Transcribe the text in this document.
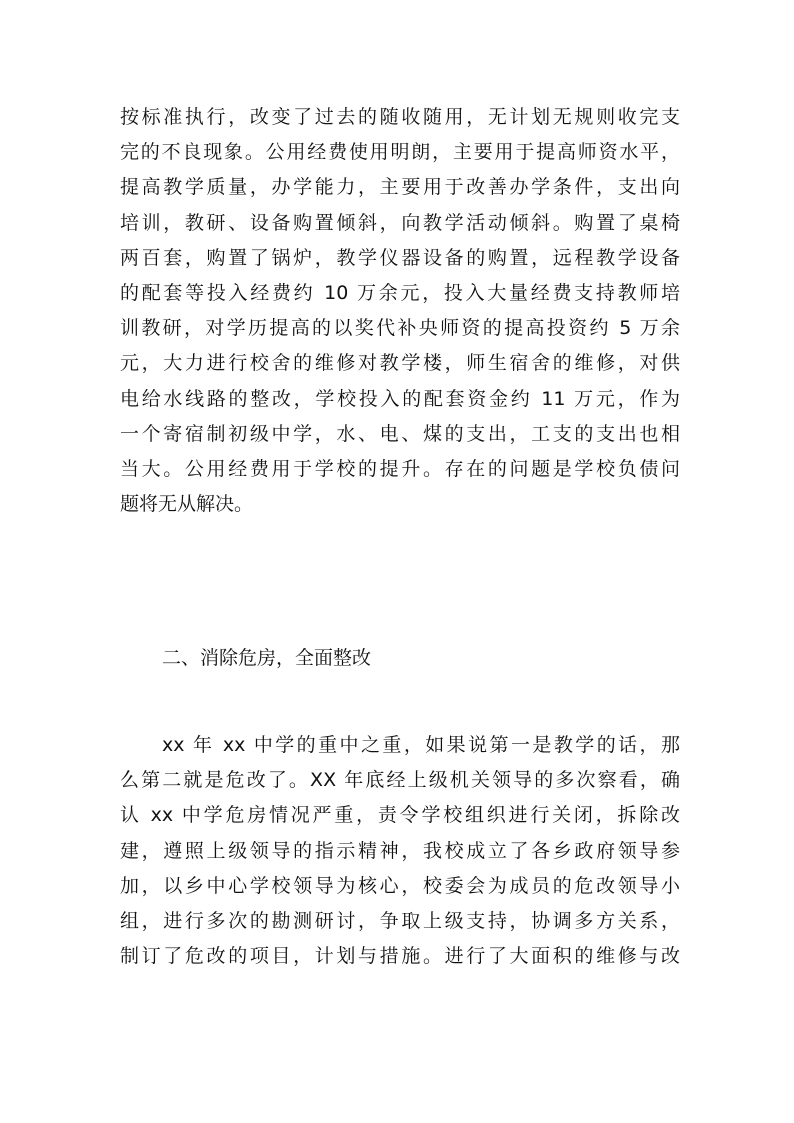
按标准执行，改变了过去的随收随用，无计划无规则收完支
完的不良现象。公用经费使用明朗，主要用于提高师资水平，
提高教学质量，办学能力，主要用于改善办学条件，支出向
培训，教研、设备购置倾斜，向教学活动倾斜。购置了桌椅
两百套，购置了锅炉，教学仪器设备的购置，远程教学设备
的配套等投入经费约 10 万余元，投入大量经费支持教师培
训教研，对学历提高的以奖代补央师资的提高投资约 5 万余
元，大力进行校舍的维修对教学楼，师生宿舍的维修，对供
电给水线路的整改，学校投入的配套资金约 11 万元，作为
一个寄宿制初级中学，水、电、煤的支出，工支的支出也相
当大。公用经费用于学校的提升。存在的问题是学校负债问
题将无从解决。
二、消除危房，全面整改
xx 年 xx 中学的重中之重，如果说第一是教学的话，那
么第二就是危改了。XX 年底经上级机关领导的多次察看，确
认 xx 中学危房情况严重，责令学校组织进行关闭，拆除改
建，遵照上级领导的指示精神，我校成立了各乡政府领导参
加，以乡中心学校领导为核心，校委会为成员的危改领导小
组，进行多次的勘测研讨，争取上级支持，协调多方关系，
制订了危改的项目，计划与措施。进行了大面积的维修与改
